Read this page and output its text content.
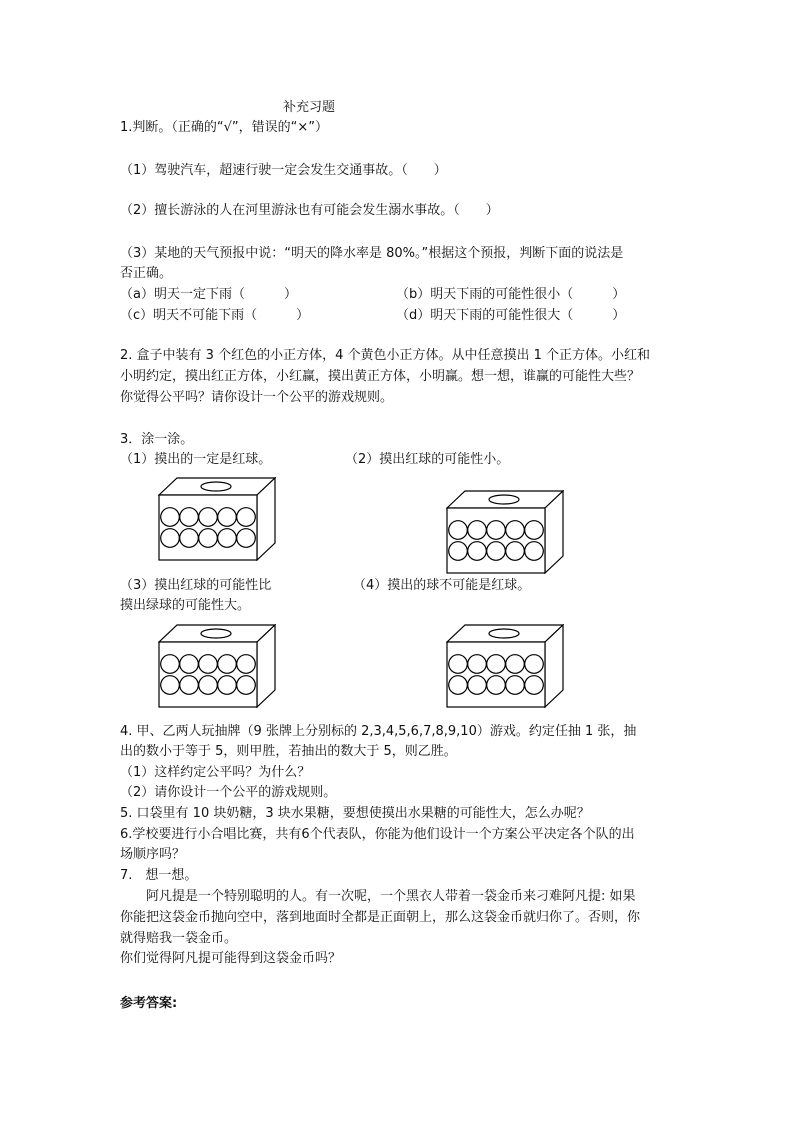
补充习题
1.判断。（正确的“√”，错误的“×”）
（1）驾驶汽车，超速行驶一定会发生交通事故。（　　）
（2）擅长游泳的人在河里游泳也有可能会发生溺水事故。（　　）
（3）某地的天气预报中说：“明天的降水率是 80%。”根据这个预报，判断下面的说法是
否正确。
（a）明天一定下雨（　　　）	（b）明天下雨的可能性很小（　　　）
（c）明天不可能下雨（　　　）	（d）明天下雨的可能性很大（　　　）
2. 盒子中装有 3 个红色的小正方体，4 个黄色小正方体。从中任意摸出 1 个正方体。小红和
小明约定，摸出红正方体，小红赢，摸出黄正方体，小明赢。想一想，谁赢的可能性大些？
你觉得公平吗？请你设计一个公平的游戏规则。
3．涂一涂。
（1）摸出的一定是红球。	（2）摸出红球的可能性小。
（3）摸出红球的可能性比
摸出绿球的可能性大。
（4）摸出的球不可能是红球。
4. 甲、乙两人玩抽牌（9 张牌上分别标的 2,3,4,5,6,7,8,9,10）游戏。约定任抽 1 张，抽
出的数小于等于 5，则甲胜，若抽出的数大于 5，则乙胜。
（1）这样约定公平吗？为什么？
（2）请你设计一个公平的游戏规则。
5. 口袋里有 10 块奶糖，3 块水果糖，要想使摸出水果糖的可能性大，怎么办呢？
6.学校要进行小合唱比赛，共有6个代表队，你能为他们设计一个方案公平决定各个队的出
场顺序吗？
7.　想一想。
阿凡提是一个特别聪明的人。有一次呢，一个黑衣人带着一袋金币来刁难阿凡提: 如果
你能把这袋金币抛向空中，落到地面时全都是正面朝上，那么这袋金币就归你了。否则，你
就得赔我一袋金币。
你们觉得阿凡提可能得到这袋金币吗？
参考答案:
